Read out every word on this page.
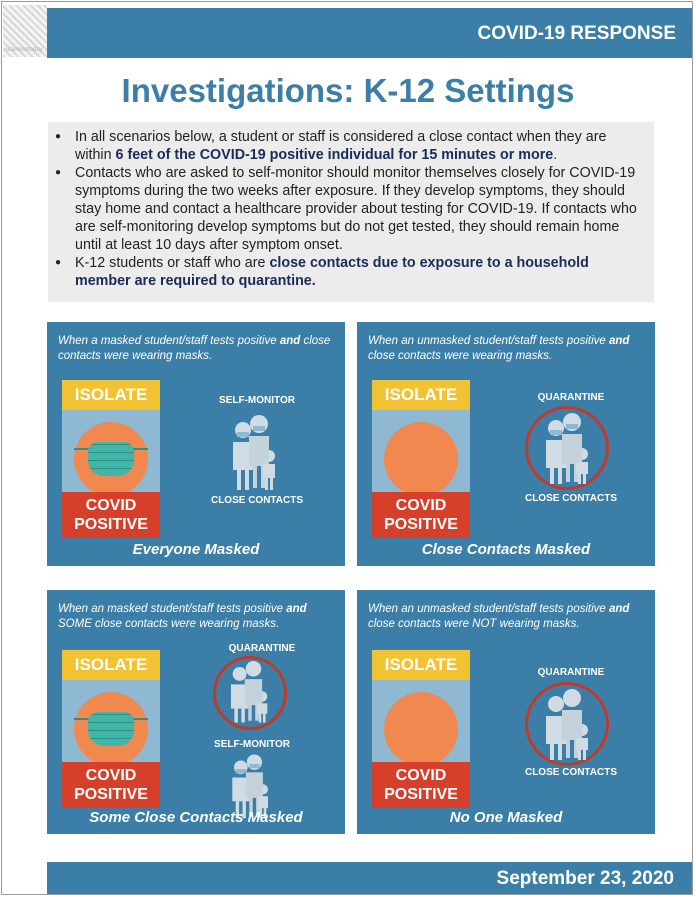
sicknesstoday
COVID-19 RESPONSE
Investigations: K-12 Settings
● In all scenarios below, a student or staff is considered a close contact when they are within 6 feet of the COVID-19 positive individual for 15 minutes or more.
● Contacts who are asked to self-monitor should monitor themselves closely for COVID-19 symptoms during the two weeks after exposure. If they develop symptoms, they should stay home and contact a healthcare provider about testing for COVID-19. If contacts who are self-monitoring develop symptoms but do not get tested, they should remain home until at least 10 days after symptom onset.
● K-12 students or staff who are close contacts due to exposure to a household member are required to quarantine.
When a masked student/staff tests positive and close contacts were wearing masks.
ISOLATE
COVID POSITIVE
SELF-MONITOR
CLOSE CONTACTS
Everyone Masked
When an unmasked student/staff tests positive and close contacts were wearing masks.
ISOLATE
COVID POSITIVE
QUARANTINE
CLOSE CONTACTS
Close Contacts Masked
When an masked student/staff tests positive and SOME close contacts were wearing masks.
ISOLATE
COVID POSITIVE
QUARANTINE
SELF-MONITOR
Some Close Contacts Masked
When an unmasked student/staff tests positive and close contacts were NOT wearing masks.
ISOLATE
COVID POSITIVE
QUARANTINE
CLOSE CONTACTS
No One Masked
September 23, 2020
